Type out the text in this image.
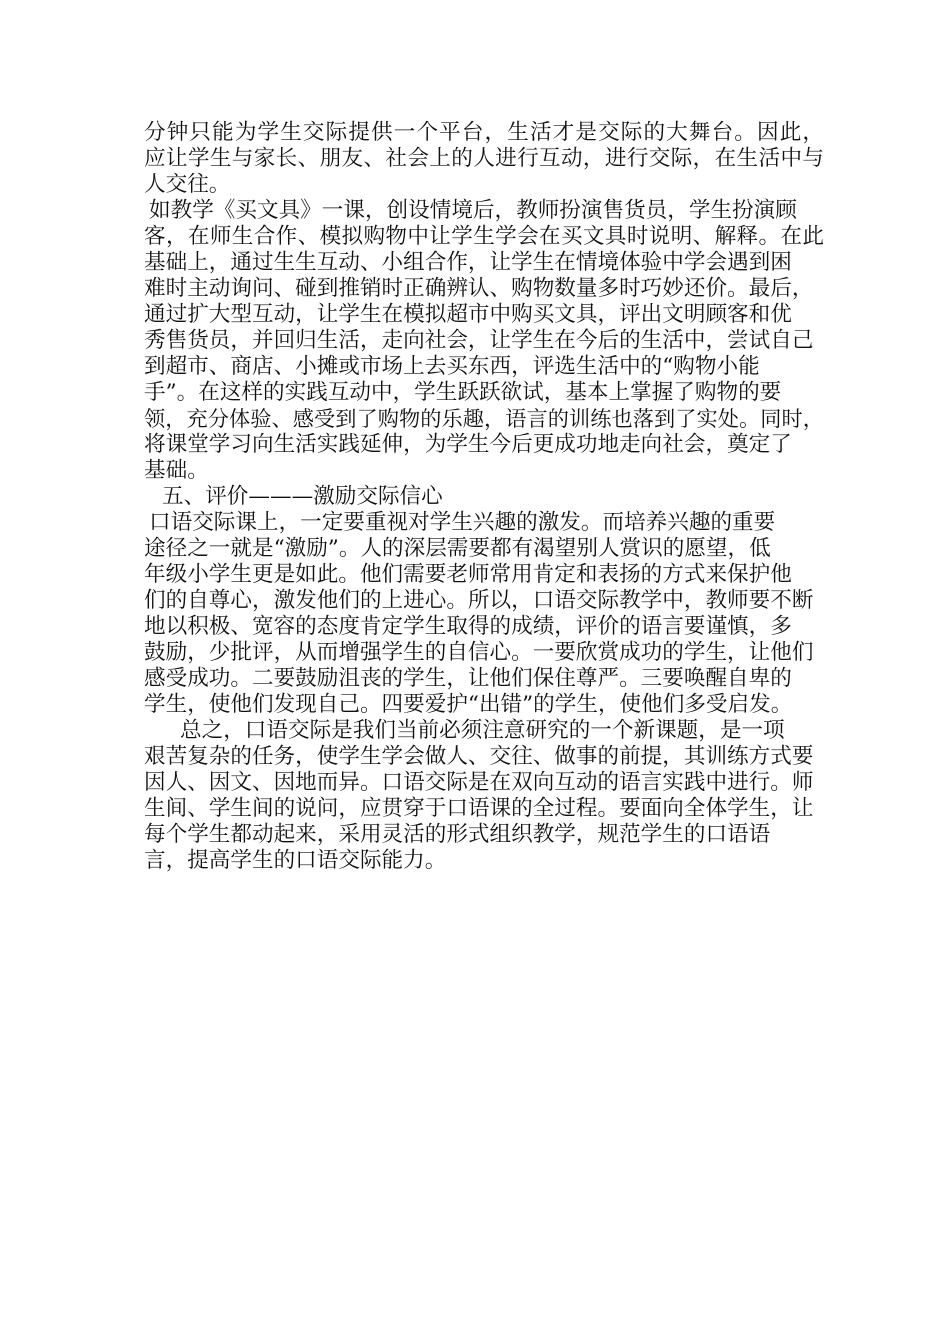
分钟只能为学生交际提供一个平台，生活才是交际的大舞台。因此，
应让学生与家长、朋友、社会上的人进行互动，进行交际，在生活中与
人交往。
如教学《买文具》一课，创设情境后，教师扮演售货员，学生扮演顾
客，在师生合作、模拟购物中让学生学会在买文具时说明、解释。在此
基础上，通过生生互动、小组合作，让学生在情境体验中学会遇到困
难时主动询问、碰到推销时正确辨认、购物数量多时巧妙还价。最后，
通过扩大型互动，让学生在模拟超市中购买文具，评出文明顾客和优
秀售货员，并回归生活，走向社会，让学生在今后的生活中，尝试自己
到超市、商店、小摊或市场上去买东西，评选生活中的“购物小能
手”。在这样的实践互动中，学生跃跃欲试，基本上掌握了购物的要
领，充分体验、感受到了购物的乐趣，语言的训练也落到了实处。同时，
将课堂学习向生活实践延伸，为学生今后更成功地走向社会，奠定了
基础。
五、评价———激励交际信心
口语交际课上，一定要重视对学生兴趣的激发。而培养兴趣的重要
途径之一就是“激励”。人的深层需要都有渴望别人赏识的愿望，低
年级小学生更是如此。他们需要老师常用肯定和表扬的方式来保护他
们的自尊心，激发他们的上进心。所以，口语交际教学中，教师要不断
地以积极、宽容的态度肯定学生取得的成绩，评价的语言要谨慎，多
鼓励，少批评，从而增强学生的自信心。一要欣赏成功的学生，让他们
感受成功。二要鼓励沮丧的学生，让他们保住尊严。三要唤醒自卑的
学生，使他们发现自己。四要爱护“出错”的学生，使他们多受启发。
总之，口语交际是我们当前必须注意研究的一个新课题，是一项
艰苦复杂的任务，使学生学会做人、交往、做事的前提，其训练方式要
因人、因文、因地而异。口语交际是在双向互动的语言实践中进行。师
生间、学生间的说问，应贯穿于口语课的全过程。要面向全体学生，让
每个学生都动起来，采用灵活的形式组织教学，规范学生的口语语
言，提高学生的口语交际能力。
